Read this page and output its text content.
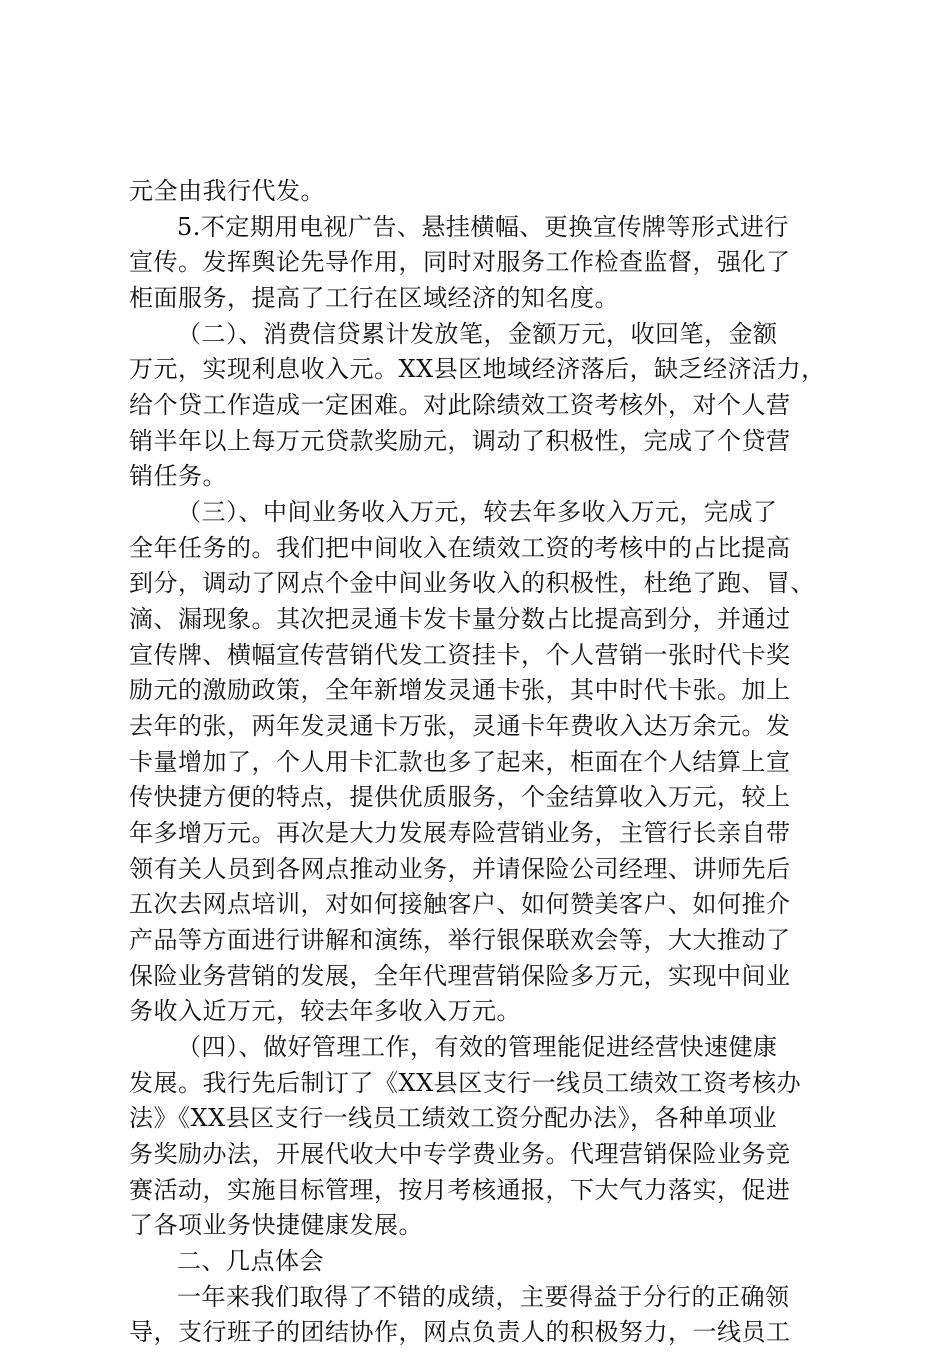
元全由我行代发。
5.不定期用电视广告、悬挂横幅、更换宣传牌等形式进行
宣传。发挥舆论先导作用，同时对服务工作检查监督，强化了
柜面服务，提高了工行在区域经济的知名度。
（二）、消费信贷累计发放笔，金额万元，收回笔，金额
万元，实现利息收入元。XX县区地域经济落后，缺乏经济活力，
给个贷工作造成一定困难。对此除绩效工资考核外，对个人营
销半年以上每万元贷款奖励元，调动了积极性，完成了个贷营
销任务。
（三）、中间业务收入万元，较去年多收入万元，完成了
全年任务的。我们把中间收入在绩效工资的考核中的占比提高
到分，调动了网点个金中间业务收入的积极性，杜绝了跑、冒、
滴、漏现象。其次把灵通卡发卡量分数占比提高到分，并通过
宣传牌、横幅宣传营销代发工资挂卡，个人营销一张时代卡奖
励元的激励政策，全年新增发灵通卡张，其中时代卡张。加上
去年的张，两年发灵通卡万张，灵通卡年费收入达万余元。发
卡量增加了，个人用卡汇款也多了起来，柜面在个人结算上宣
传快捷方便的特点，提供优质服务，个金结算收入万元，较上
年多增万元。再次是大力发展寿险营销业务，主管行长亲自带
领有关人员到各网点推动业务，并请保险公司经理、讲师先后
五次去网点培训，对如何接触客户、如何赞美客户、如何推介
产品等方面进行讲解和演练，举行银保联欢会等，大大推动了
保险业务营销的发展，全年代理营销保险多万元，实现中间业
务收入近万元，较去年多收入万元。
（四）、做好管理工作，有效的管理能促进经营快速健康
发展。我行先后制订了《XX县区支行一线员工绩效工资考核办
法》《XX县区支行一线员工绩效工资分配办法》，各种单项业
务奖励办法，开展代收大中专学费业务。代理营销保险业务竞
赛活动，实施目标管理，按月考核通报，下大气力落实，促进
了各项业务快捷健康发展。
二、几点体会
一年来我们取得了不错的成绩，主要得益于分行的正确领
导，支行班子的团结协作，网点负责人的积极努力，一线员工
